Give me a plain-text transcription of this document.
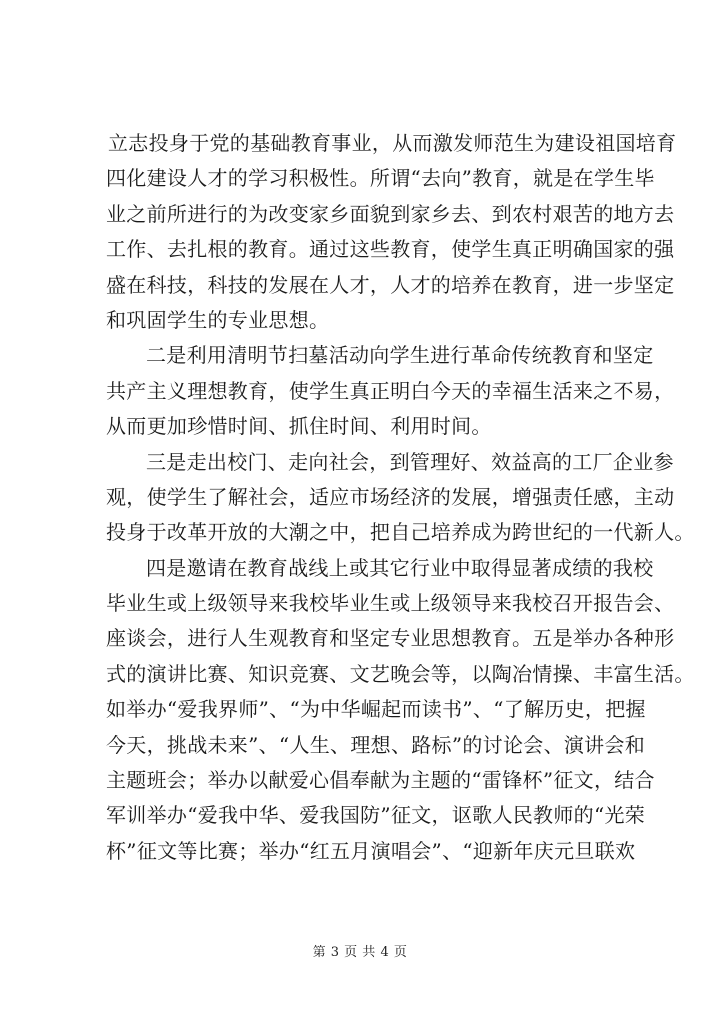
立志投身于党的基础教育事业，从而激发师范生为建设祖国培育
四化建设人才的学习积极性。所谓“去向”教育，就是在学生毕
业之前所进行的为改变家乡面貌到家乡去、到农村艰苦的地方去
工作、去扎根的教育。通过这些教育，使学生真正明确国家的强
盛在科技，科技的发展在人才，人才的培养在教育，进一步坚定
和巩固学生的专业思想。
二是利用清明节扫墓活动向学生进行革命传统教育和坚定
共产主义理想教育，使学生真正明白今天的幸福生活来之不易，
从而更加珍惜时间、抓住时间、利用时间。
三是走出校门、走向社会，到管理好、效益高的工厂企业参
观，使学生了解社会，适应市场经济的发展，增强责任感，主动
投身于改革开放的大潮之中，把自己培养成为跨世纪的一代新人。
四是邀请在教育战线上或其它行业中取得显著成绩的我校
毕业生或上级领导来我校毕业生或上级领导来我校召开报告会、
座谈会，进行人生观教育和坚定专业思想教育。五是举办各种形
式的演讲比赛、知识竞赛、文艺晚会等，以陶冶情操、丰富生活。
如举办“爱我界师”、“为中华崛起而读书”、“了解历史，把握
今天，挑战未来”、“人生、理想、路标”的讨论会、演讲会和
主题班会；举办以献爱心倡奉献为主题的“雷锋杯”征文，结合
军训举办“爱我中华、爱我国防”征文，讴歌人民教师的“光荣
杯”征文等比赛；举办“红五月演唱会”、“迎新年庆元旦联欢
第 3 页 共 4 页
